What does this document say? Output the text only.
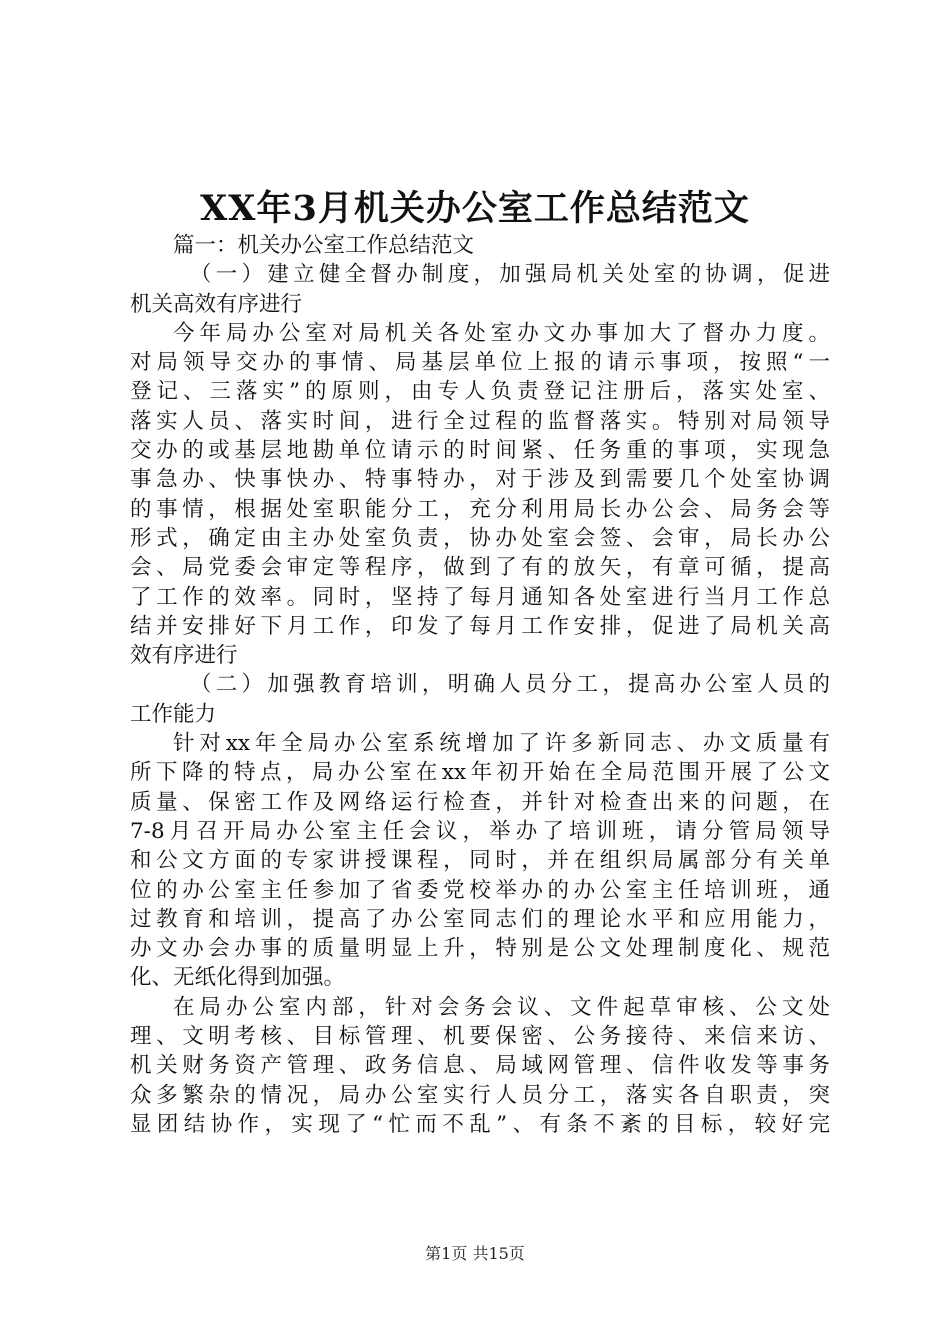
XX年3月机关办公室工作总结范文
篇一：机关办公室工作总结范文
（一）建立健全督办制度，加强局机关处室的协调，促进
机关高效有序进行
今年局办公室对局机关各处室办文办事加大了督办力度。
对局领导交办的事情、局基层单位上报的请示事项，按照“一
登记、三落实”的原则，由专人负责登记注册后，落实处室、
落实人员、落实时间，进行全过程的监督落实。特别对局领导
交办的或基层地勘单位请示的时间紧、任务重的事项，实现急
事急办、快事快办、特事特办，对于涉及到需要几个处室协调
的事情，根据处室职能分工，充分利用局长办公会、局务会等
形式，确定由主办处室负责，协办处室会签、会审，局长办公
会、局党委会审定等程序，做到了有的放矢，有章可循，提高
了工作的效率。同时，坚持了每月通知各处室进行当月工作总
结并安排好下月工作，印发了每月工作安排，促进了局机关高
效有序进行
（二）加强教育培训，明确人员分工，提高办公室人员的
工作能力
针对xx年全局办公室系统增加了许多新同志、办文质量有
所下降的特点，局办公室在xx年初开始在全局范围开展了公文
质量、保密工作及网络运行检查，并针对检查出来的问题，在
7-8月召开局办公室主任会议，举办了培训班，请分管局领导
和公文方面的专家讲授课程，同时，并在组织局属部分有关单
位的办公室主任参加了省委党校举办的办公室主任培训班，通
过教育和培训，提高了办公室同志们的理论水平和应用能力，
办文办会办事的质量明显上升，特别是公文处理制度化、规范
化、无纸化得到加强。
在局办公室内部，针对会务会议、文件起草审核、公文处
理、文明考核、目标管理、机要保密、公务接待、来信来访、
机关财务资产管理、政务信息、局域网管理、信件收发等事务
众多繁杂的情况，局办公室实行人员分工，落实各自职责，突
显团结协作，实现了“忙而不乱”、有条不紊的目标，较好完
第1页 共15页
